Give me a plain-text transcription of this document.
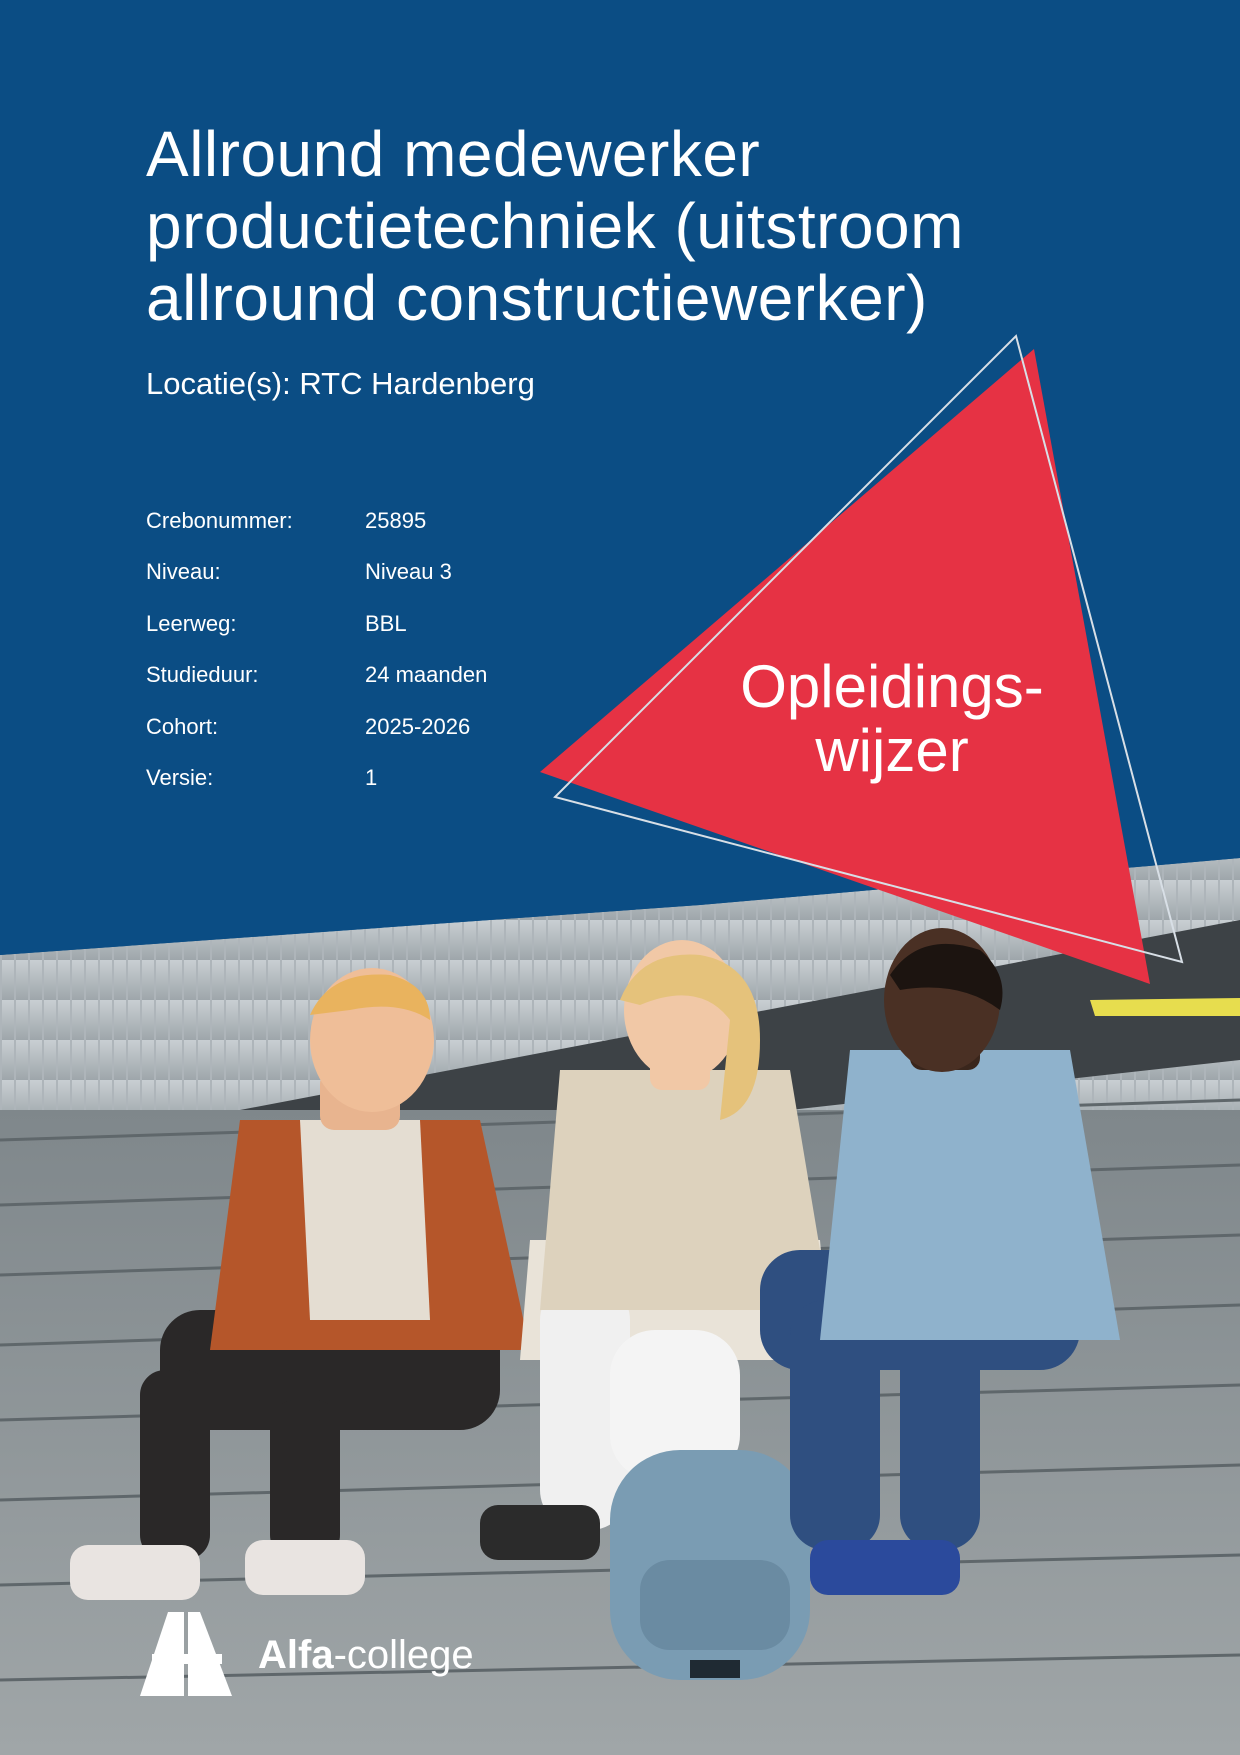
Allround medewerker
productietechniek (uitstroom
allround constructiewerker)
Locatie(s): RTC Hardenberg
Crebonummer:	25895
Niveau:	Niveau 3
Leerweg:	BBL
Studieduur:	24 maanden
Cohort:	2025-2026
Versie:	1
Opleidings-
wijzer
Alfa-college
